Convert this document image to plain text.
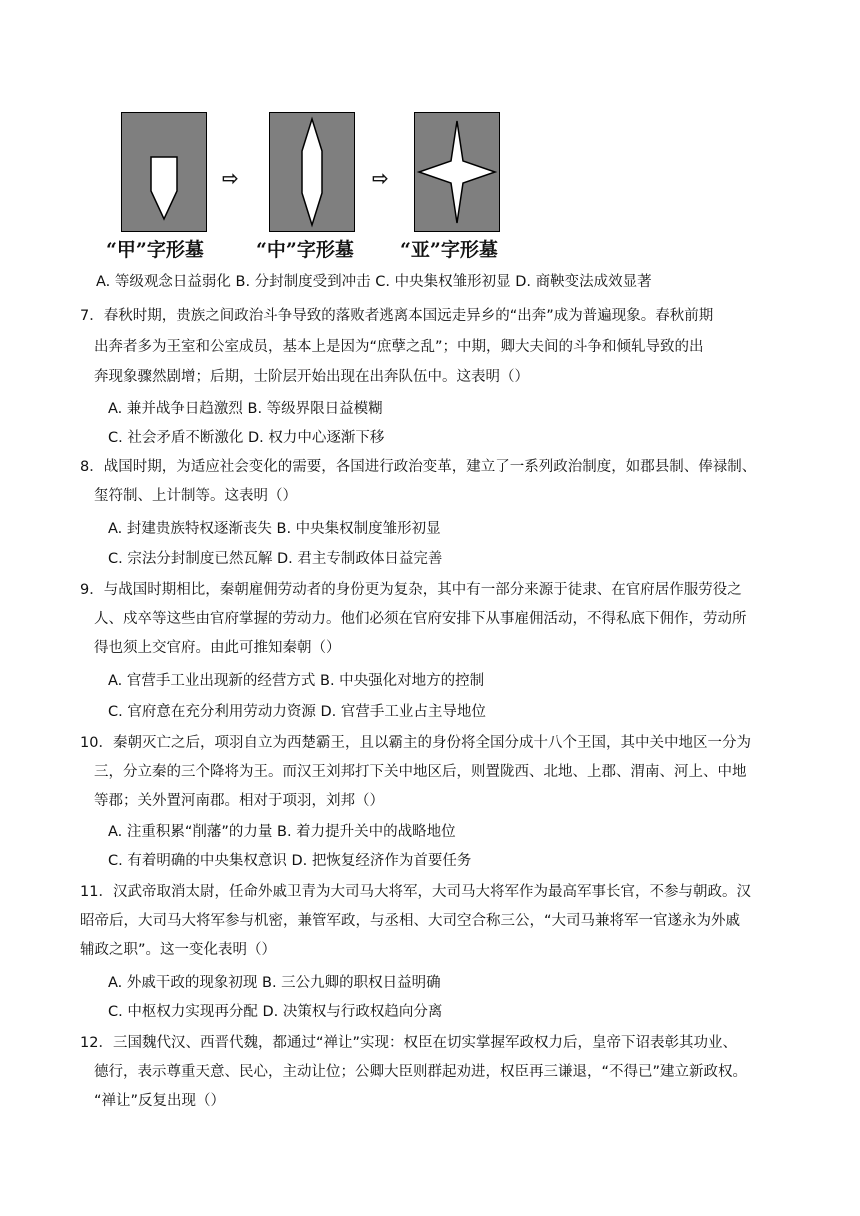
⇨	⇨
“甲”字形墓	“中”字形墓 “亚”字形墓
A. 等级观念日益弱化 B. 分封制度受到冲击 C. 中央集权雏形初显 D. 商鞅变法成效显著
7．春秋时期，贵族之间政治斗争导致的落败者逃离本国远走异乡的“出奔”成为普遍现象。春秋前期
出奔者多为王室和公室成员，基本上是因为“庶孽之乱”；中期，卿大夫间的斗争和倾轧导致的出
奔现象骤然剧增；后期，士阶层开始出现在出奔队伍中。这表明（）
A. 兼并战争日趋激烈 B. 等级界限日益模糊
C. 社会矛盾不断激化 D. 权力中心逐渐下移
8．战国时期，为适应社会变化的需要，各国进行政治变革，建立了一系列政治制度，如郡县制、俸禄制、
玺符制、上计制等。这表明（）
A. 封建贵族特权逐渐丧失 B. 中央集权制度雏形初显
C. 宗法分封制度已然瓦解 D. 君主专制政体日益完善
9．与战国时期相比，秦朝雇佣劳动者的身份更为复杂，其中有一部分来源于徒隶、在官府居作服劳役之
人、戍卒等这些由官府掌握的劳动力。他们必须在官府安排下从事雇佣活动，不得私底下佣作，劳动所
得也须上交官府。由此可推知秦朝（）
A. 官营手工业出现新的经营方式 B. 中央强化对地方的控制
C. 官府意在充分利用劳动力资源 D. 官营手工业占主导地位
10．秦朝灭亡之后，项羽自立为西楚霸王，且以霸主的身份将全国分成十八个王国，其中关中地区一分为
三，分立秦的三个降将为王。而汉王刘邦打下关中地区后，则置陇西、北地、上郡、渭南、河上、中地
等郡；关外置河南郡。相对于项羽，刘邦（）
A. 注重积累“削藩”的力量 B. 着力提升关中的战略地位
C. 有着明确的中央集权意识 D. 把恢复经济作为首要任务
11．汉武帝取消太尉，任命外戚卫青为大司马大将军，大司马大将军作为最高军事长官，不参与朝政。汉
昭帝后，大司马大将军参与机密，兼管军政，与丞相、大司空合称三公，“大司马兼将军一官遂永为外戚
辅政之职”。这一变化表明（）
A. 外戚干政的现象初现 B. 三公九卿的职权日益明确
C. 中枢权力实现再分配 D. 决策权与行政权趋向分离
12．三国魏代汉、西晋代魏，都通过“禅让”实现：权臣在切实掌握军政权力后，皇帝下诏表彰其功业、
德行，表示尊重天意、民心，主动让位；公卿大臣则群起劝进，权臣再三谦退，“不得已”建立新政权。
“禅让”反复出现（）
